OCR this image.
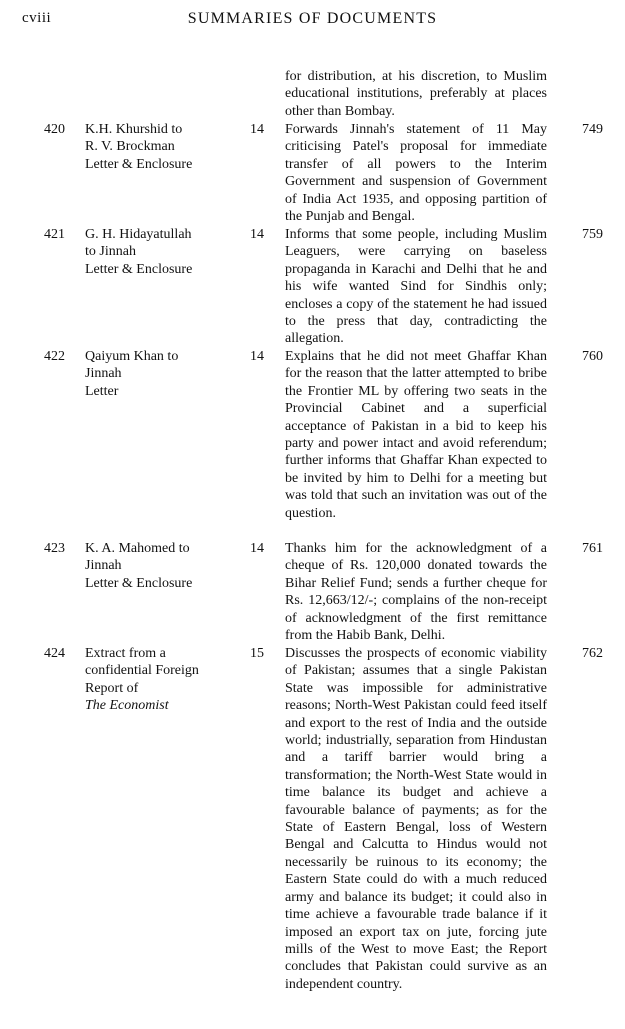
cviii	SUMMARIES OF DOCUMENTS
for distribution, at his discretion, to Muslim educational institutions, preferably at places other than Bombay.
420 K.H. Khurshid to
R. V. Brockman
Letter & Enclosure
14 Forwards Jinnah's statement of 11 May criticising Patel's proposal for immediate transfer of all powers to the Interim Government and suspension of Government of India Act 1935, and opposing partition of the Punjab and Bengal.
749
421 G. H. Hidayatullah
to Jinnah
Letter & Enclosure
14 Informs that some people, including Muslim Leaguers, were carrying on baseless propaganda in Karachi and Delhi that he and his wife wanted Sind for Sindhis only; encloses a copy of the statement he had issued to the press that day, contradicting the allegation.
759
422 Qaiyum Khan to
Jinnah
Letter
14 Explains that he did not meet Ghaffar Khan for the reason that the latter attempted to bribe the Frontier ML by offering two seats in the Provincial Cabinet and a superficial acceptance of Pakistan in a bid to keep his party and power intact and avoid referendum; further informs that Ghaffar Khan expected to be invited by him to Delhi for a meeting but was told that such an invitation was out of the question.
760
423 K. A. Mahomed to
Jinnah
Letter & Enclosure
14 Thanks him for the acknowledgment of a cheque of Rs. 120,000 donated towards the Bihar Relief Fund; sends a further cheque for Rs. 12,663/12/-; complains of the non-receipt of acknowledgment of the first remittance from the Habib Bank, Delhi.
761
424 Extract from a
confidential Foreign
Report of
The Economist
15 Discusses the prospects of economic viability of Pakistan; assumes that a single Pakistan State was impossible for administrative reasons; North-West Pakistan could feed itself and export to the rest of India and the outside world; industrially, separation from Hindustan and a tariff barrier would bring a transformation; the North-West State would in time balance its budget and achieve a favourable balance of payments; as for the State of Eastern Bengal, loss of Western Bengal and Calcutta to Hindus would not necessarily be ruinous to its economy; the Eastern State could do with a much reduced army and balance its budget; it could also in time achieve a favourable trade balance if it imposed an export tax on jute, forcing jute mills of the West to move East; the Report concludes that Pakistan could survive as an independent country.
762
